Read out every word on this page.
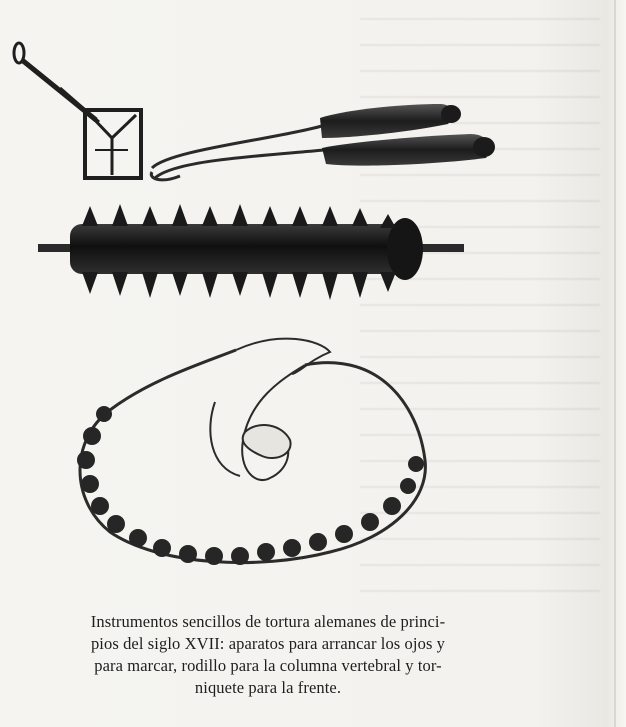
Instrumentos sencillos de tortura alemanes de princi-
pios del siglo XVII: aparatos para arrancar los ojos y
para marcar, rodillo para la columna vertebral y tor-
niquete para la frente.
